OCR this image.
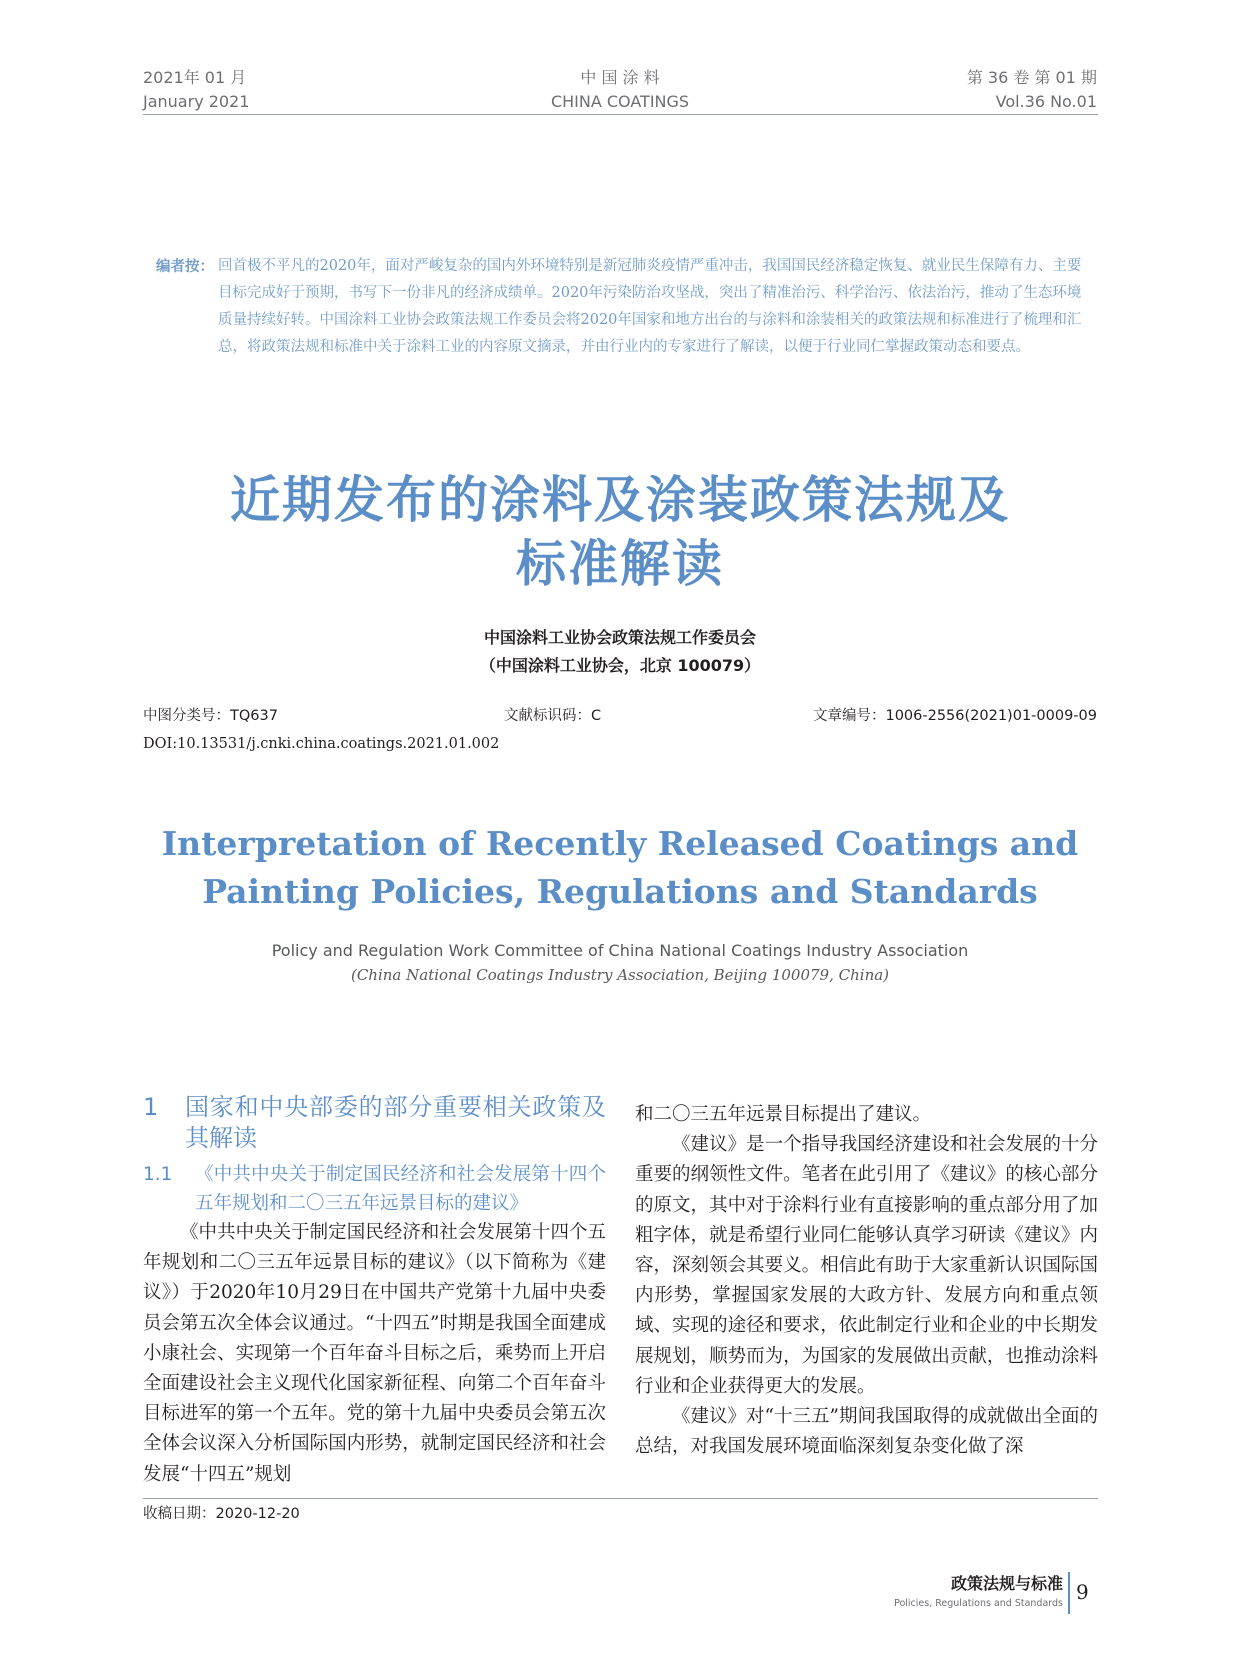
2021年 01 月
January 2021
中 国 涂 料
CHINA COATINGS
第 36 卷 第 01 期
Vol.36 No.01
编者按： 回首极不平凡的2020年，面对严峻复杂的国内外环境特别是新冠肺炎疫情严重冲击，我国国民经济稳定恢复、就业民生保障有力、主要目标完成好于预期，书写下一份非凡的经济成绩单。2020年污染防治攻坚战，突出了精准治污、科学治污、依法治污，推动了生态环境质量持续好转。中国涂料工业协会政策法规工作委员会将2020年国家和地方出台的与涂料和涂装相关的政策法规和标准进行了梳理和汇总，将政策法规和标准中关于涂料工业的内容原文摘录，并由行业内的专家进行了解读，以便于行业同仁掌握政策动态和要点。
近期发布的涂料及涂装政策法规及
标准解读
中国涂料工业协会政策法规工作委员会
（中国涂料工业协会，北京 100079）
中图分类号：TQ637	文献标识码：C	文章编号：1006-2556(2021)01-0009-09
DOI:10.13531/j.cnki.china.coatings.2021.01.002
Interpretation of Recently Released Coatings and
Painting Policies, Regulations and Standards
Policy and Regulation Work Committee of China National Coatings Industry Association
(China National Coatings Industry Association, Beijing 100079, China)
1	国家和中央部委的部分重要相关政策及其解读
1.1	《中共中央关于制定国民经济和社会发展第十四个五年规划和二〇三五年远景目标的建议》

《中共中央关于制定国民经济和社会发展第十四个五年规划和二〇三五年远景目标的建议》（以下简称为《建议》）于2020年10月29日在中国共产党第十九届中央委员会第五次全体会议通过。“十四五”时期是我国全面建成小康社会、实现第一个百年奋斗目标之后，乘势而上开启全面建设社会主义现代化国家新征程、向第二个百年奋斗目标进军的第一个五年。党的第十九届中央委员会第五次全体会议深入分析国际国内形势，就制定国民经济和社会发展“十四五”规划

和二〇三五年远景目标提出了建议。

《建议》是一个指导我国经济建设和社会发展的十分重要的纲领性文件。笔者在此引用了《建议》的核心部分的原文，其中对于涂料行业有直接影响的重点部分用了加粗字体，就是希望行业同仁能够认真学习研读《建议》内容，深刻领会其要义。相信此有助于大家重新认识国际国内形势，掌握国家发展的大政方针、发展方向和重点领域、实现的途径和要求，依此制定行业和企业的中长期发展规划，顺势而为，为国家的发展做出贡献，也推动涂料行业和企业获得更大的发展。

《建议》对“十三五”期间我国取得的成就做出全面的总结，对我国发展环境面临深刻复杂变化做了深

收稿日期：2020-12-20
政策法规与标准
Policies, Regulations and Standards 9
